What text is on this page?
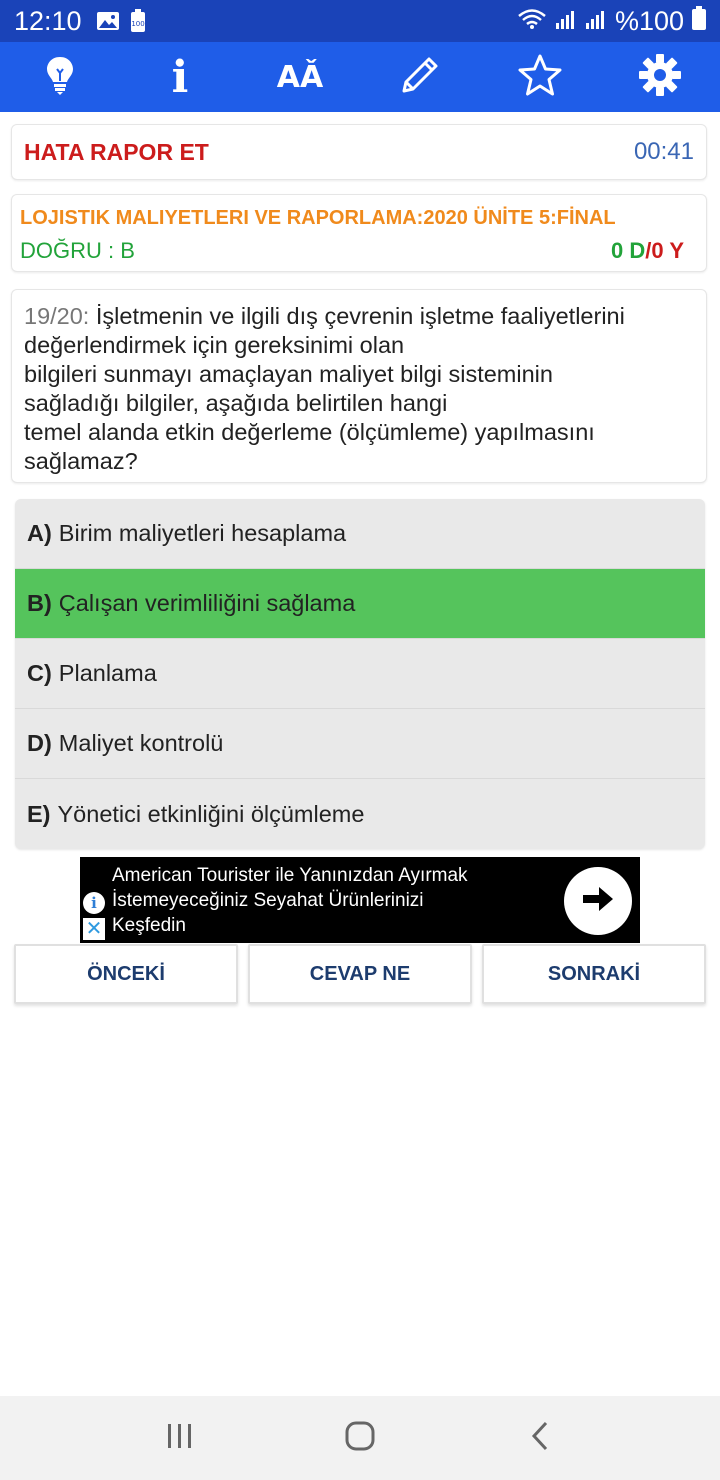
12:10	100	%100
i	AǍ
HATA RAPOR ET	00:41
LOJISTIK MALIYETLERI VE RAPORLAMA:2020 ÜNİTE 5:FİNAL
DOĞRU : B	0 D/0 Y
19/20: İşletmenin ve ilgili dış çevrenin işletme faaliyetlerini
değerlendirmek için gereksinimi olan
bilgileri sunmayı amaçlayan maliyet bilgi sisteminin
sağladığı bilgiler, aşağıda belirtilen hangi
temel alanda etkin değerleme (ölçümleme) yapılmasını
sağlamaz?
A) Birim maliyetleri hesaplama
B) Çalışan verimliliğini sağlama
C) Planlama
D) Maliyet kontrolü
E) Yönetici etkinliğini ölçümleme
i
✕
American Tourister ile Yanınızdan Ayırmak
İstemeyeceğiniz Seyahat Ürünlerinizi
Keşfedin
ÖNCEKİ	CEVAP NE	SONRAKİ
